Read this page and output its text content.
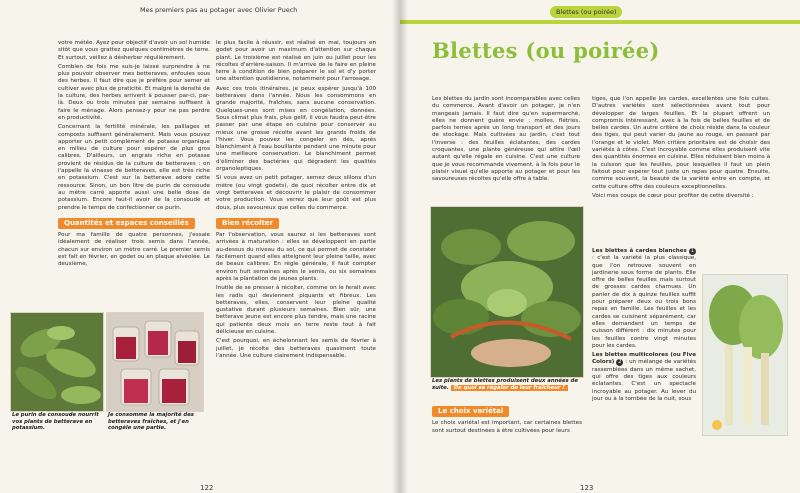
Mes premiers pas au potager avec Olivier Puech

votre météo. Ayez pour objectif d'avoir un sol humide sitôt que vous grattez quelques centimètres de terre. Et surtout, veillez à désherber régulièrement.

Combien de fois me suis-je laissé surprendre à ne plus pouvoir observer mes betteraves, enfouies sous des herbes. Il faut dire que je préfère pour semer et cultiver avec plus de praticité. Et malgré la densité de la culture, des herbes arrivent à pousser par-ci, par-là. Deux ou trois minutes par semaine suffisent à faire le ménage. Alors pensez-y pour ne pas perdre en productivité.

Concernant la fertilité minérale, les paillages et composts suffisent généralement. Mais vous pouvez apporter un petit complément de potasse organique en milieu de culture pour espérer de plus gros calibres. D'ailleurs, un engrais riche en potasse provient de résidus de la culture de betteraves : on l'appelle la vinasse de betteraves, elle est très riche en potassium. C'est sur la betterave adore cette ressource. Sinon, un bon litre de purin de consoude au mètre carré apporte aussi une belle dose de potassium. Encore faut-il avoir de la consoude et prendre le temps de confectionner ce purin.

Quantités et espaces conseillés

Pour ma famille de quatre personnes, j'essaie idéalement de réaliser trois semis dans l'année, chacun sur environ un mètre carré. Le premier semis est fait en février, en godet ou en plaque alvéolée. Le deuxième,

le plus facile à réussir, est réalisé en mai, toujours en godet pour avoir un maximum d'attention sur chaque plant. Le troisième est réalisé en juin ou juillet pour les récoltes d'arrière-saison. Il m'arrive de le faire en pleine terre à condition de bien préparer le sol et d'y porter une attention quotidienne, notamment pour l'arrosage.

Avec ces trois itinéraires, je peux espérer jusqu'à 100 betteraves dans l'année. Nous les consommons en grande majorité, fraîches, sans aucune conservation. Quelques-unes sont mises en congélation, données. Sous climat plus frais, plus gelif, il vous faudra peut-être passer par une étape en cuisine pour conserver au mieux une grosse récolte avant les grands froids de l'hiver. Vous pouvez les congeler en dés, après blanchiment à l'eau bouillante pendant une minute pour une meilleure conservation. Le blanchiment permet d'éliminer des bactéries qui dégradent les qualités organoleptiques.

Si vous avez un petit potager, semez deux sillons d'un mètre (ou vingt godets), de quoi récolter entre dix et vingt betteraves et découvrir le plaisir de consommer votre production. Vous verrez que leur goût est plus doux, plus savoureux que celles du commerce.

Bien récolter

Par l'observation, vous saurez si les betteraves sont arrivées à maturation : elles se développent en partie au-dessus du niveau du sol, ce qui permet de constater facilement quand elles atteignent leur pleine taille, avec de beaux calibres. En règle générale, il faut compter environ huit semaines après le semis, ou six semaines après la plantation de jeunes plants.

Inutile de se presser à récolter, comme on le ferait avec les radis qui deviennent piquants et fibreux. Les betteraves, elles, conservent leur pleine qualité gustative durant plusieurs semaines. Bien sûr, une betterave jeune est encore plus tendre, mais une racine qui patiente deux mois en terre reste tout à fait délicieuse en cuisine.

C'est pourquoi, en échelonnant les semis de février à juillet, je récolte des betteraves quasiment toute l'année. Une culture clairement indispensable.

Le purin de consoude nourrit vos plants de betterave en potassium.
Je consomme la majorité des betteraves fraîches, et j'en congèle une partie.
122
Blettes (ou poirée)
Blettes (ou poirée)

Les blettes du jardin sont incomparables avec celles du commerce. Avant d'avoir un potager, je n'en mangeais jamais. Il faut dire qu'en supermarché, elles ne donnent guère envie : molles, flétries, parfois ternes après un long transport et des jours de stockage. Mais cultivées au jardin, c'est tout l'inverse : des feuilles éclatantes, des cardes croquantes, une plante généreuse qui attire l'œil autant qu'elle régale en cuisine. C'est une culture que je vous recommande vivement, à la fois pour le plaisir visuel qu'elle apporte au potager et pour les savoureuses récoltes qu'elle offre à table.

Les plants de blettes produisent deux années de suite. De quoi se régaler de leur fraîcheur !
Le choix variétal

Le choix variétal est important, car certaines blettes sont surtout destinées à être cultivées pour leurs

tiges, que l'on appelle les cardes, excellentes une fois cuites. D'autres variétés sont sélectionnées avant tout pour développer de larges feuilles. Et la plupart offrent un compromis intéressant, avec à la fois de belles feuilles et de belles cardes. Un autre critère de choix réside dans la couleur des tiges, qui peut varier du jaune au rouge, en passant par l'orange et le violet. Mon critère prioritaire est de choisir des variétés à côtes. C'est incroyable comme elles produisent vite des quantités énormes en cuisine. Elles réduisent bien moins à la cuisson que les feuilles, pour lesquelles il faut un plein faitout pour espérer tout juste un repas pour quatre. Ensuite, comme souvent, la beauté de la variété entre en compte, et cette culture offre des couleurs exceptionnelles.

Voici mes coups de cœur pour profiter de cette diversité :

Les blettes à cardes blanches 1 : c'est la variété la plus classique, que l'on retrouve souvent en jardinerie sous forme de plants. Elle offre de belles feuilles mais surtout de grosses cardes charnues. Un panier de dix à quinze feuilles suffit pour préparer deux ou trois bons repas en famille. Les feuilles et les cardes se cuisinent séparément, car elles demandent un temps de cuisson différent : dix minutes pour les feuilles contre vingt minutes pour les cardes.

Les blettes multicolores (ou Five Colors) 2 : un mélange de variétés rassemblées dans un même sachet, qui offre des tiges aux couleurs éclatantes. C'est un spectacle incroyable au potager. Au lever du jour ou à la tombée de la nuit, sous

123
